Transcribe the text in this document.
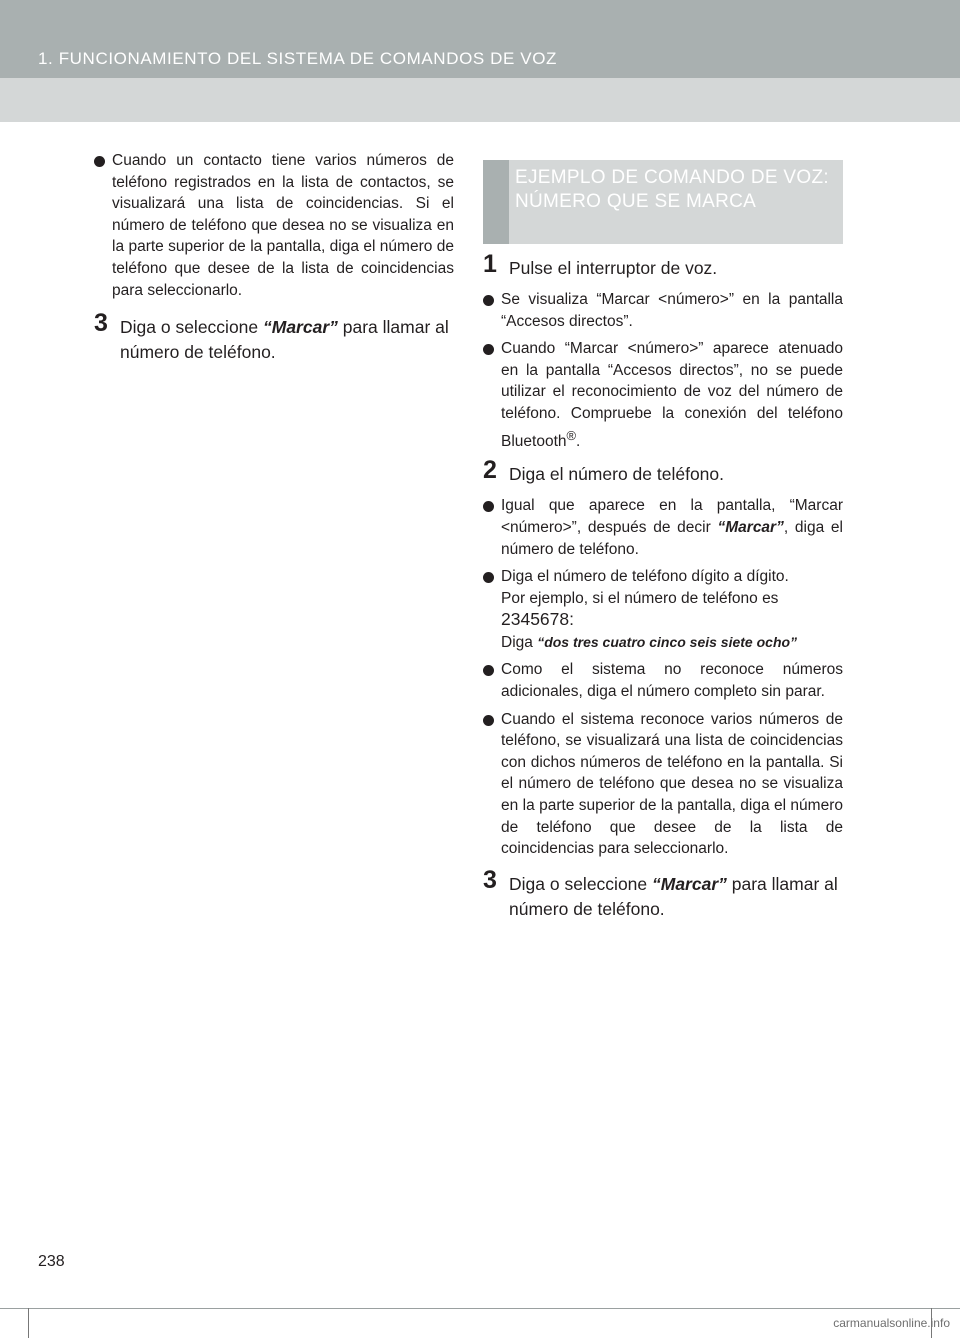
1. FUNCIONAMIENTO DEL SISTEMA DE COMANDOS DE VOZ

Cuando un contacto tiene varios números de teléfono registrados en la lista de contactos, se visualizará una lista de coincidencias. Si el número de teléfono que desea no se visualiza en la parte superior de la pantalla, diga el número de teléfono que desee de la lista de coincidencias para seleccionarlo.

3 Diga o seleccione “Marcar” para llamar al número de teléfono.

EJEMPLO DE COMANDO DE VOZ: NÚMERO QUE SE MARCA

1 Pulse el interruptor de voz.

Se visualiza “Marcar <número>” en la pantalla “Accesos directos”.

Cuando “Marcar <número>” aparece atenuado en la pantalla “Accesos directos”, no se puede utilizar el reconocimiento de voz del número de teléfono. Compruebe la conexión del teléfono Bluetooth®.

2 Diga el número de teléfono.

Igual que aparece en la pantalla, “Marcar <número>”, después de decir “Marcar”, diga el número de teléfono.

Diga el número de teléfono dígito a dígito.
Por ejemplo, si el número de teléfono es
2345678:
Diga “dos tres cuatro cinco seis siete ocho”

Como el sistema no reconoce números adicionales, diga el número completo sin parar.

Cuando el sistema reconoce varios números de teléfono, se visualizará una lista de coincidencias con dichos números de teléfono en la pantalla. Si el número de teléfono que desea no se visualiza en la parte superior de la pantalla, diga el número de teléfono que desee de la lista de coincidencias para seleccionarlo.

3 Diga o seleccione “Marcar” para llamar al número de teléfono.

238
carmanualsonline.info
